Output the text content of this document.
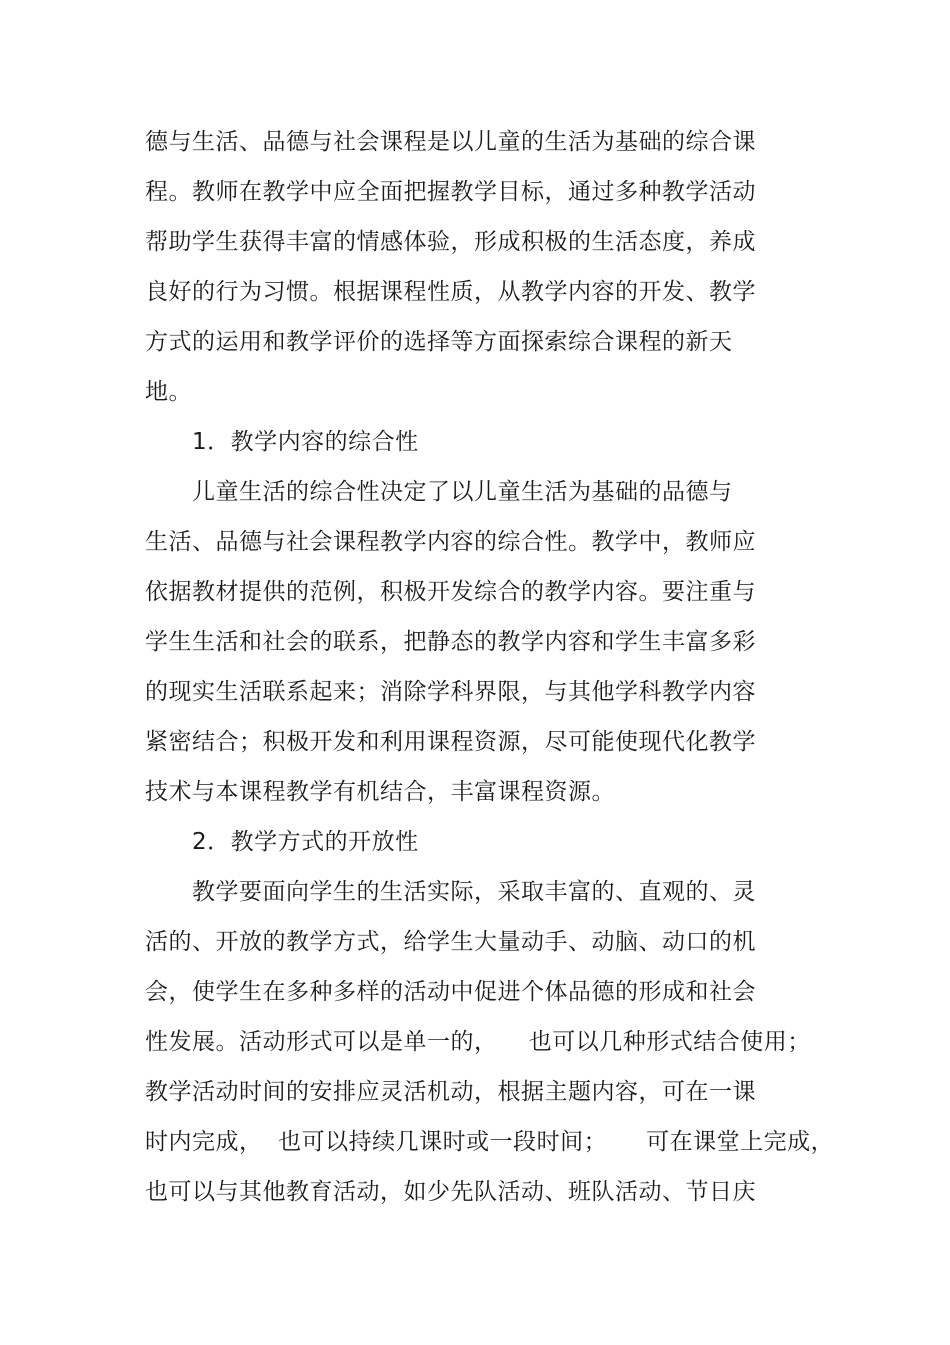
德与生活、品德与社会课程是以儿童的生活为基础的综合课
程。教师在教学中应全面把握教学目标，通过多种教学活动
帮助学生获得丰富的情感体验，形成积极的生活态度，养成
良好的行为习惯。根据课程性质，从教学内容的开发、教学
方式的运用和教学评价的选择等方面探索综合课程的新天
地。
1．教学内容的综合性
儿童生活的综合性决定了以儿童生活为基础的品德与
生活、品德与社会课程教学内容的综合性。教学中，教师应
依据教材提供的范例，积极开发综合的教学内容。要注重与
学生生活和社会的联系，把静态的教学内容和学生丰富多彩
的现实生活联系起来；消除学科界限，与其他学科教学内容
紧密结合；积极开发和利用课程资源，尽可能使现代化教学
技术与本课程教学有机结合，丰富课程资源。
2．教学方式的开放性
教学要面向学生的生活实际，采取丰富的、直观的、灵
活的、开放的教学方式，给学生大量动手、动脑、动口的机
会，使学生在多种多样的活动中促进个体品德的形成和社会
性发展。活动形式可以是单一的，    也可以几种形式结合使用；
教学活动时间的安排应灵活机动，根据主题内容，可在一课
时内完成，  也可以持续几课时或一段时间；     可在课堂上完成，
也可以与其他教育活动，如少先队活动、班队活动、节日庆
